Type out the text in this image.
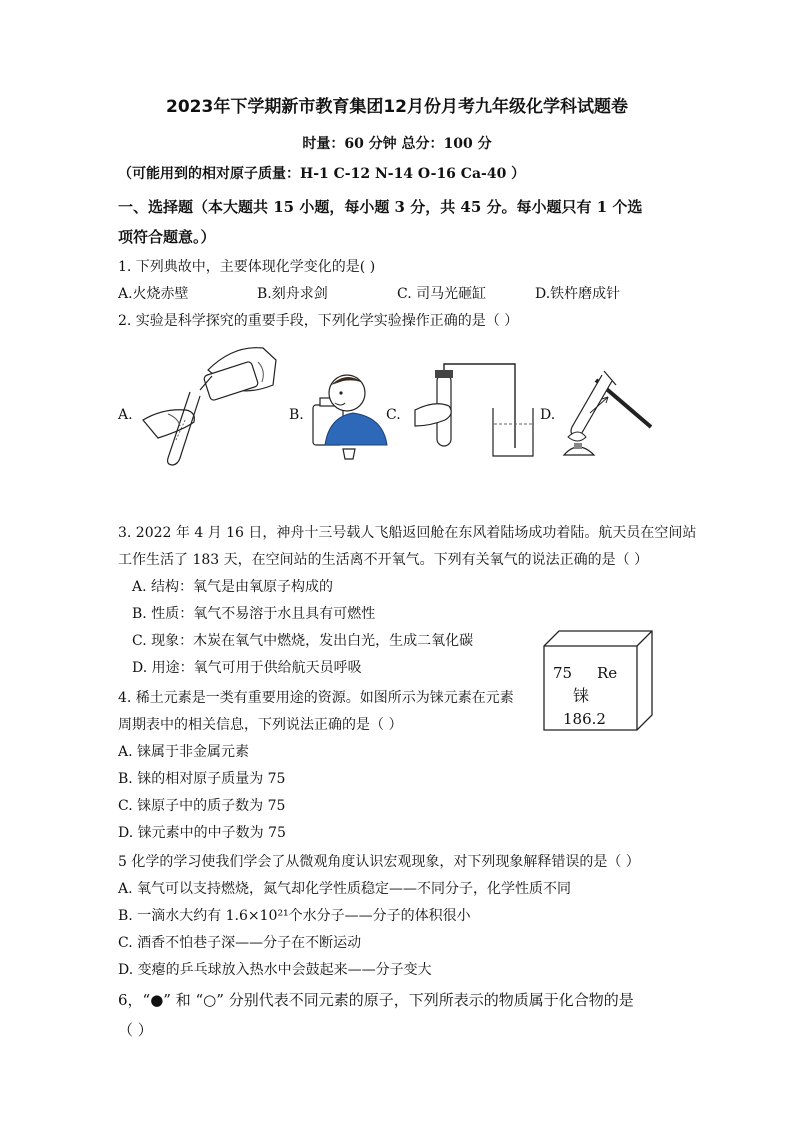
2023年下学期新市教育集团12月份月考九年级化学科试题卷
时量：60 分钟 总分：100 分
（可能用到的相对原子质量：H-1 C-12 N-14 O-16 Ca-40 ）
一、选择题（本大题共 15 小题，每小题 3 分，共 45 分。每小题只有 1 个选
项符合题意。）
1. 下列典故中，主要体现化学变化的是( )
A.火烧赤壁	B.刻舟求剑	C. 司马光砸缸	D.铁杵磨成针
2. 实验是科学探究的重要手段，下列化学实验操作正确的是（ ）
A.	B.	C.	D.
3. 2022 年 4 月 16 日，神舟十三号载人飞船返回舱在东风着陆场成功着陆。航天员在空间站
工作生活了 183 天，在空间站的生活离不开氧气。下列有关氧气的说法正确的是（ ）
A. 结构：氧气是由氧原子构成的
B. 性质：氧气不易溶于水且具有可燃性
C. 现象：木炭在氧气中燃烧，发出白光，生成二氧化碳
D. 用途：氧气可用于供给航天员呼吸
4. 稀土元素是一类有重要用途的资源。如图所示为铼元素在元素
周期表中的相关信息，下列说法正确的是（ ）
A. 铼属于非金属元素
B. 铼的相对原子质量为 75
C. 铼原子中的质子数为 75
D. 铼元素中的中子数为 75
75 Re
铼
186.2
5 化学的学习使我们学会了从微观角度认识宏观现象，对下列现象解释错误的是（ ）
A. 氧气可以支持燃烧，氮气却化学性质稳定——不同分子，化学性质不同
B. 一滴水大约有 1.6×10²¹个水分子——分子的体积很小
C. 酒香不怕巷子深——分子在不断运动
D. 变瘪的乒乓球放入热水中会鼓起来——分子变大
6，“●” 和 “○” 分别代表不同元素的原子，下列所表示的物质属于化合物的是
（ ）
